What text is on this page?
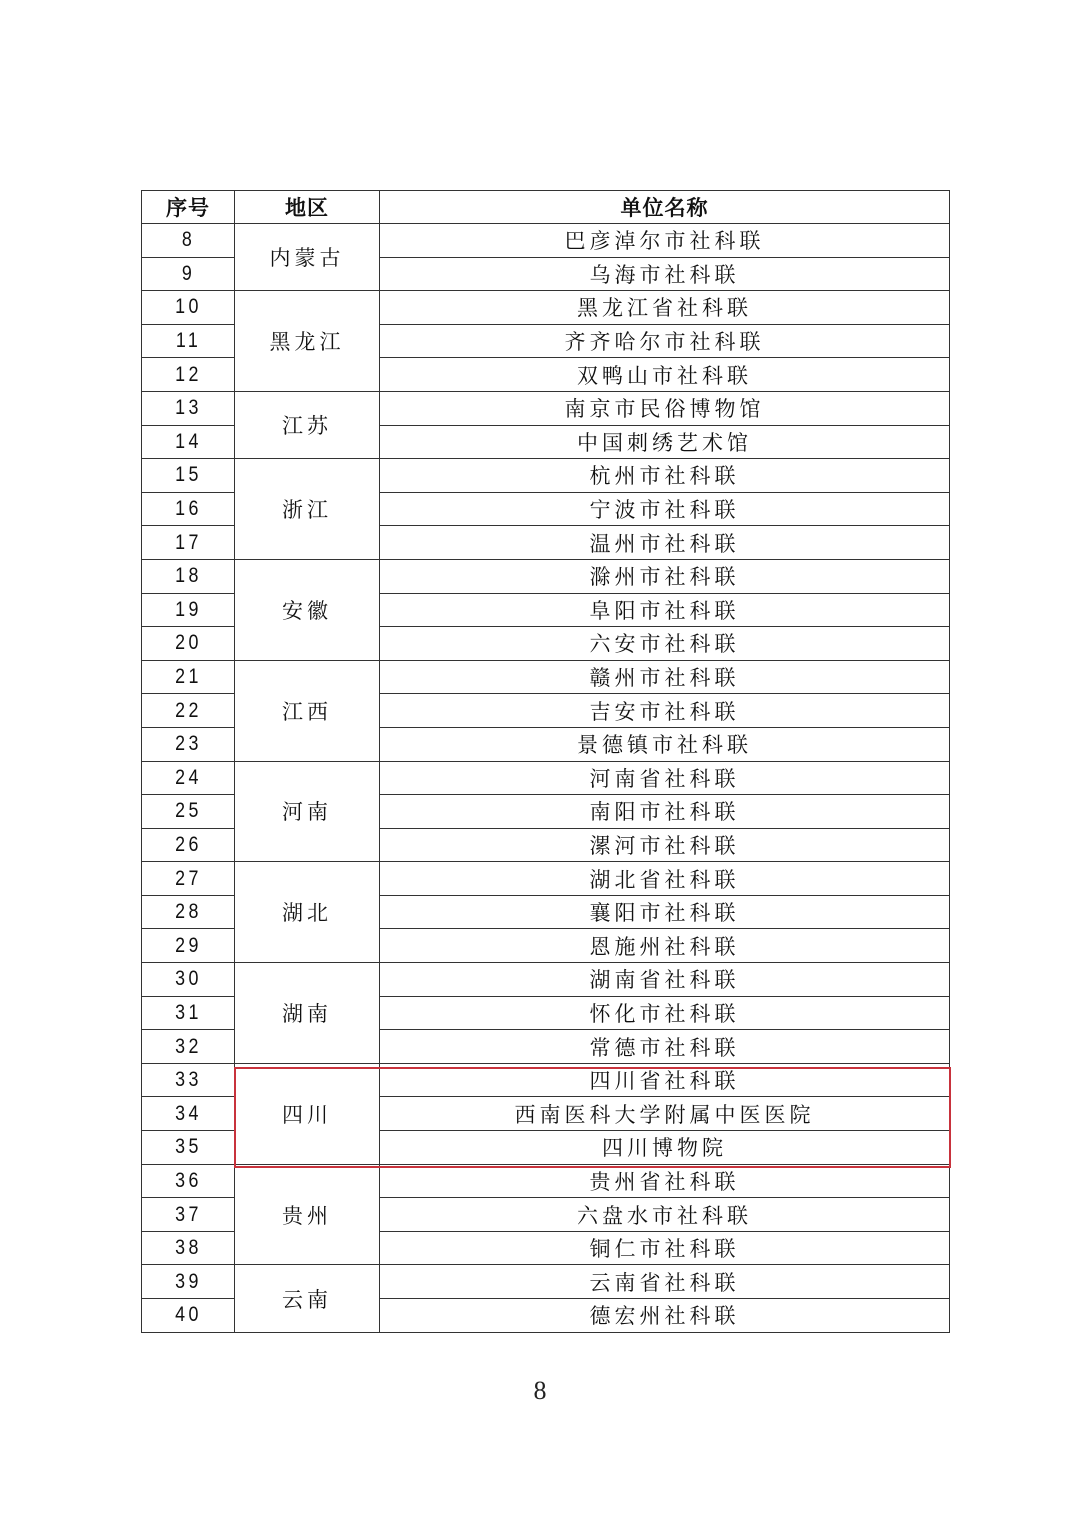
序号	地区	单位名称
8	内蒙古	巴彦淖尔市社科联
9		乌海市社科联
10	黑龙江	黑龙江省社科联
11		齐齐哈尔市社科联
12		双鸭山市社科联
13	江苏	南京市民俗博物馆
14		中国刺绣艺术馆
15	浙江	杭州市社科联
16		宁波市社科联
17		温州市社科联
18	安徽	滁州市社科联
19		阜阳市社科联
20		六安市社科联
21	江西	赣州市社科联
22		吉安市社科联
23		景德镇市社科联
24	河南	河南省社科联
25		南阳市社科联
26		漯河市社科联
27	湖北	湖北省社科联
28		襄阳市社科联
29		恩施州社科联
30	湖南	湖南省社科联
31		怀化市社科联
32		常德市社科联
33	四川	四川省社科联
34		西南医科大学附属中医医院
35		四川博物院
36	贵州	贵州省社科联
37		六盘水市社科联
38		铜仁市社科联
39	云南	云南省社科联
40		德宏州社科联
8
